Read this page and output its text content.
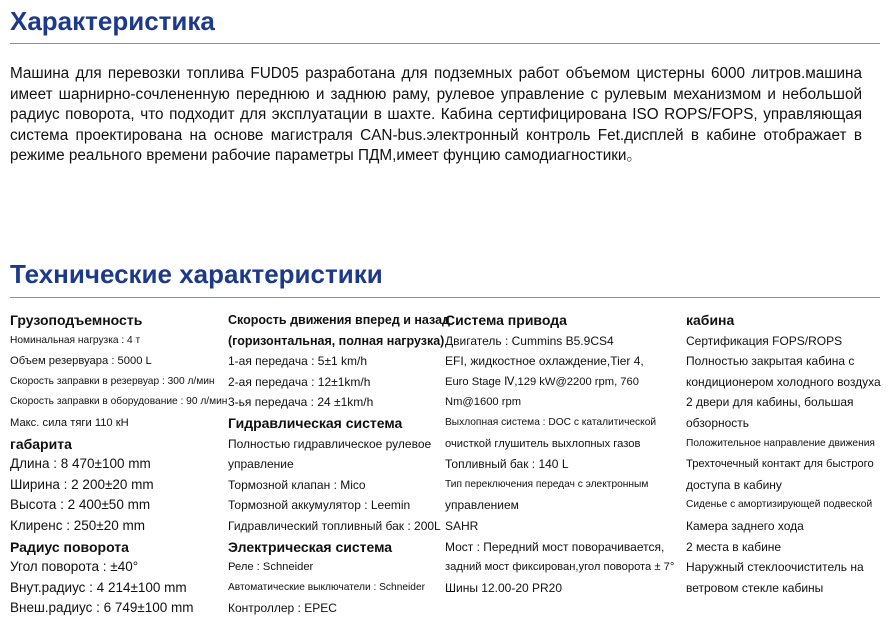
Характеристика

Машина для перевозки топлива FUD05 разработана для подземных работ объемом цистерны 6000 литров.машина имеет шарнирно-сочлененную переднюю и заднюю раму, рулевое управление с рулевым механизмом и небольшой радиус поворота, что подходит для эксплуатации в шахте. Кабина сертифицирована ISO ROPS/FOPS, управляющая система проектирована на основе магистраля CAN-bus.электронный контроль Fet.дисплей в кабине отображает в режиме реального времени рабочие параметры ПДМ,имеет фунцию самодиагностики。

Технические характеристики
Грузоподъемность
Номинальная нагрузка : 4 т
Объем резервуара : 5000 L
Скорость заправки в резервуар : 300 л/мин
Скорость заправки в оборудование : 90 л/мин
Макс. сила тяги 110 кН
габарита
Длина : 8 470±100 mm
Ширина : 2 200±20 mm
Высота : 2 400±50 mm
Клиренс : 250±20 mm
Радиус поворота
Угол поворота : ±40°
Внут.радиус : 4 214±100 mm
Внеш.радиус : 6 749±100 mm
Скорость движения вперед и назад
(горизонтальная, полная нагрузка)
1-ая передача : 5±1 km/h
2-ая передача : 12±1km/h
3-ья передача : 24 ±1km/h
Гидравлическая система
Полностью гидравлическое рулевое
управление
Тормозной клапан : Mico
Тормозной аккумулятор : Leemin
Гидравлический топливный бак : 200L
Электрическая система
Реле : Schneider
Автоматические выключатели : Schneider
Контроллер : EPEC
Система привода
Двигатель : Cummins B5.9CS4
EFI, жидкостное охлаждение,Tier 4,
Euro Stage Ⅳ,129 kW@2200 rpm, 760
Nm@1600 rpm
Выхлопная система : DOC с каталитической
очисткой глушитель выхлопных газов
Топливный бак : 140 L
Тип переключения передач с электронным
управлением
SAHR
Мост : Передний мост поворачивается,
задний мост фиксирован,угол поворота ± 7°
Шины 12.00-20 PR20
кабина
Сертификация FOPS/ROPS
Полностью закрытая кабина с
кондиционером холодного воздуха
2 двери для кабины, большая
обзорность
Положительное направление движения
Трехточечный контакт для быстрого
доступа в кабину
Сиденье с амортизирующей подвеской
Камера заднего хода
2 места в кабине
Наружный стеклоочиститель на
ветровом стекле кабины
